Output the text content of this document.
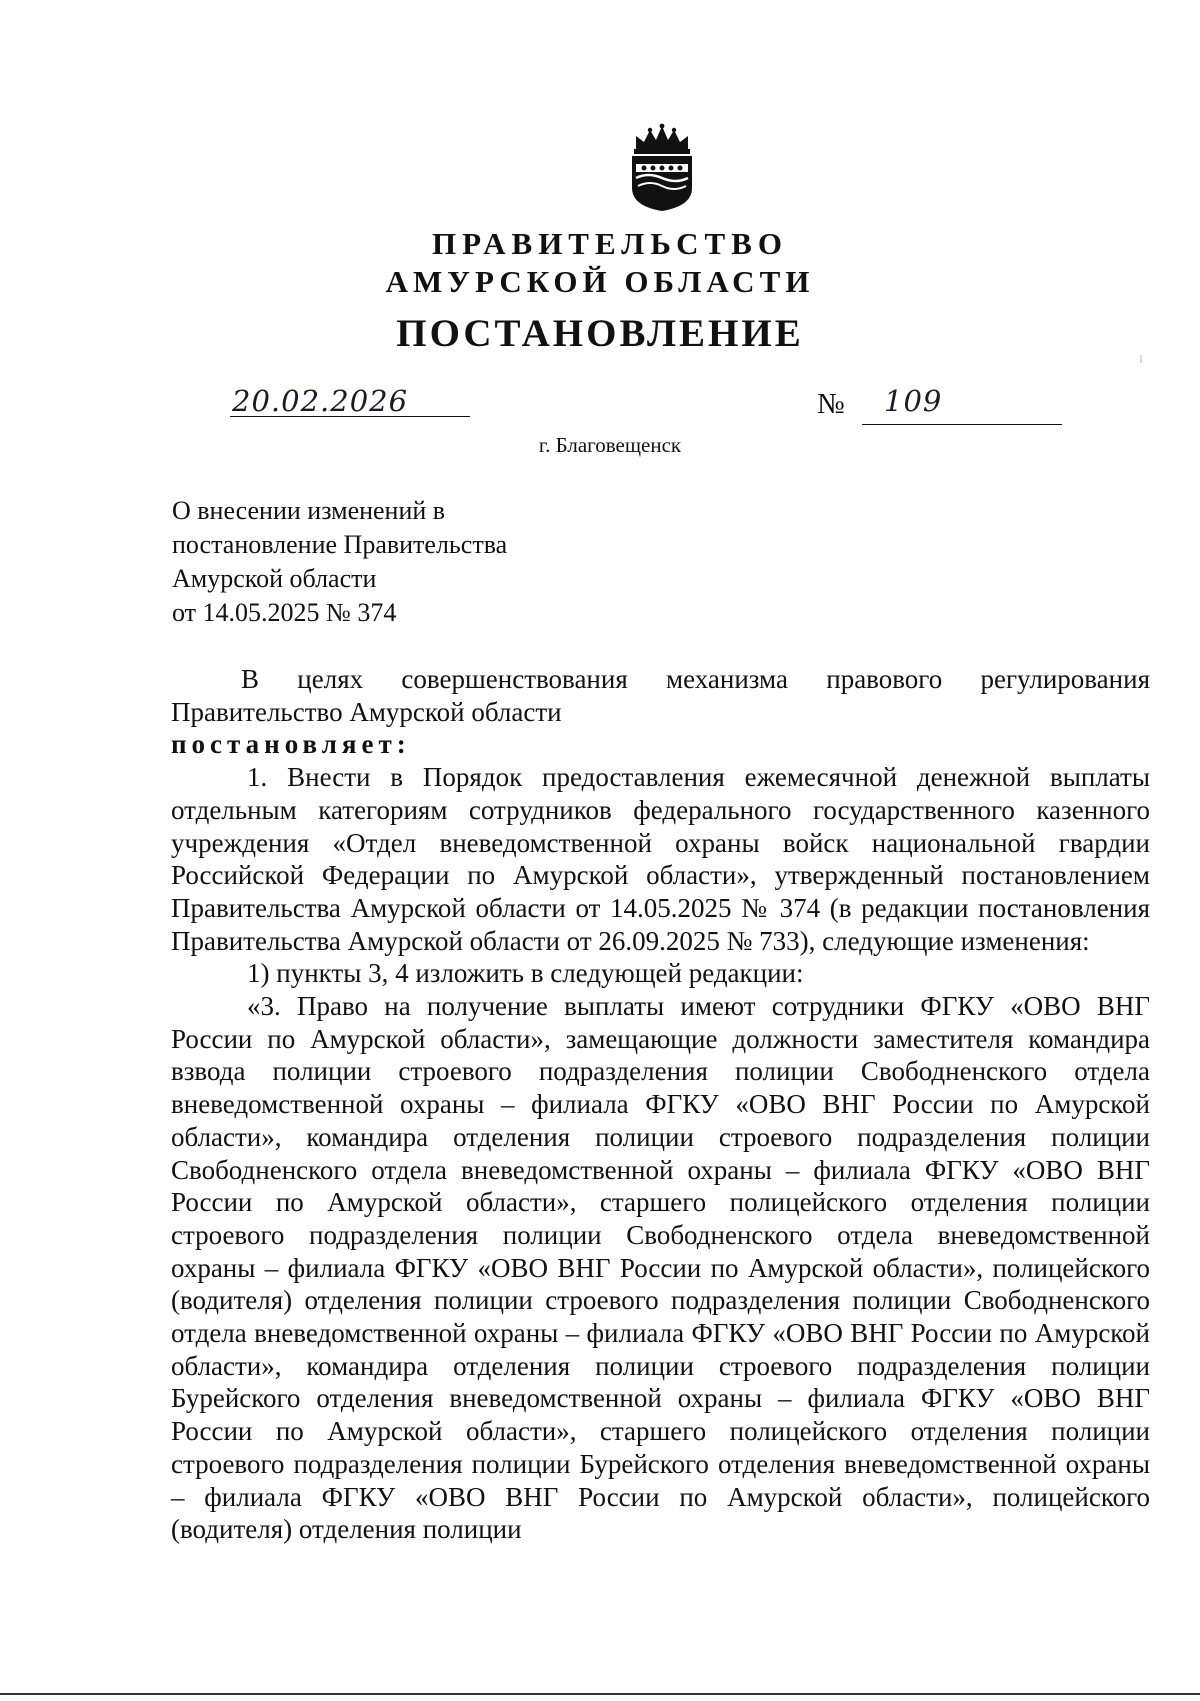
ПРАВИТЕЛЬСТВО
АМУРСКОЙ ОБЛАСТИ
ПОСТАНОВЛЕНИЕ
20.02.2026	№ 109
г. Благовещенск
О внесении изменений в
постановление Правительства
Амурской области
от 14.05.2025 № 374

В целях совершенствования механизма правового регулирования Правительство Амурской области

постановляет:

1. Внести в Порядок предоставления ежемесячной денежной выплаты отдельным категориям сотрудников федерального государственного казенного учреждения «Отдел вневедомственной охраны войск национальной гвардии Российской Федерации по Амурской области», утвержденный постановлением Правительства Амурской области от 14.05.2025 № 374 (в редакции постановления Правительства Амурской области от 26.09.2025 № 733), следующие изменения:

1) пункты 3, 4 изложить в следующей редакции:

«3. Право на получение выплаты имеют сотрудники ФГКУ «ОВО ВНГ России по Амурской области», замещающие должности заместителя командира взвода полиции строевого подразделения полиции Свободненского отдела вневедомственной охраны – филиала ФГКУ «ОВО ВНГ России по Амурской области», командира отделения полиции строевого подразделения полиции Свободненского отдела вневедомственной охраны – филиала ФГКУ «ОВО ВНГ России по Амурской области», старшего полицейского отделения полиции строевого подразделения полиции Свободненского отдела вневедомственной охраны – филиала ФГКУ «ОВО ВНГ России по Амурской области», полицейского (водителя) отделения полиции строевого подразделения полиции Свободненского отдела вневедомственной охраны – филиала ФГКУ «ОВО ВНГ России по Амурской области», командира отделения полиции строевого подразделения полиции Бурейского отделения вневедомственной охраны – филиала ФГКУ «ОВО ВНГ России по Амурской области», старшего полицейского отделения полиции строевого подразделения полиции Бурейского отделения вневедомственной охраны – филиала ФГКУ «ОВО ВНГ России по Амурской области», полицейского (водителя) отделения полиции
